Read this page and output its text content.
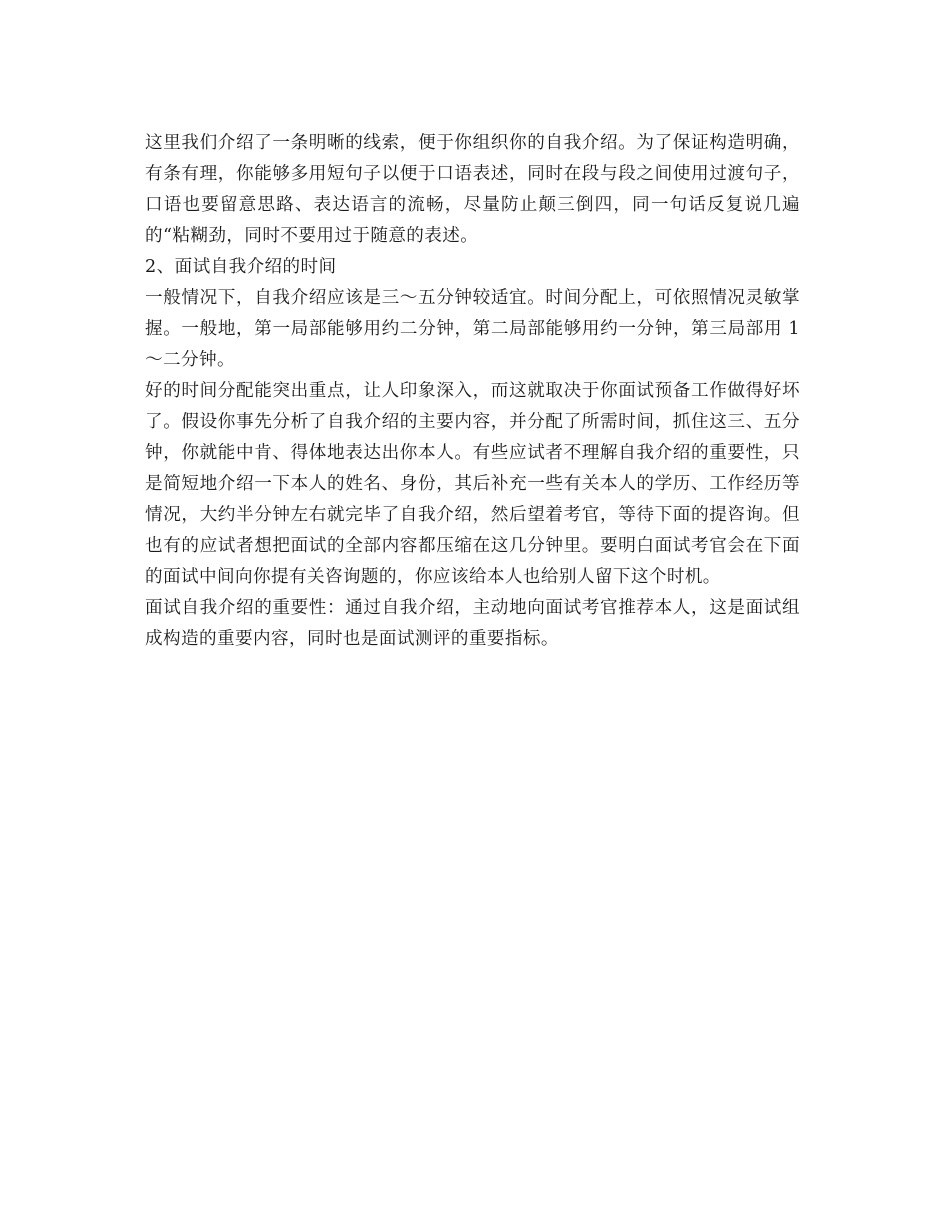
这里我们介绍了一条明晰的线索，便于你组织你的自我介绍。为了保证构造明确，有条有理，你能够多用短句子以便于口语表述，同时在段与段之间使用过渡句子，口语也要留意思路、表达语言的流畅，尽量防止颠三倒四，同一句话反复说几遍的“粘糊劲，同时不要用过于随意的表述。

2、面试自我介绍的时间

一般情况下，自我介绍应该是三～五分钟较适宜。时间分配上，可依照情况灵敏掌握。一般地，第一局部能够用约二分钟，第二局部能够用约一分钟，第三局部用 1～二分钟。

好的时间分配能突出重点，让人印象深入，而这就取决于你面试预备工作做得好坏了。假设你事先分析了自我介绍的主要内容，并分配了所需时间，抓住这三、五分钟，你就能中肯、得体地表达出你本人。有些应试者不理解自我介绍的重要性，只是简短地介绍一下本人的姓名、身份，其后补充一些有关本人的学历、工作经历等情况，大约半分钟左右就完毕了自我介绍，然后望着考官，等待下面的提咨询。但也有的应试者想把面试的全部内容都压缩在这几分钟里。要明白面试考官会在下面的面试中间向你提有关咨询题的，你应该给本人也给别人留下这个时机。

面试自我介绍的重要性：通过自我介绍，主动地向面试考官推荐本人，这是面试组成构造的重要内容，同时也是面试测评的重要指标。
